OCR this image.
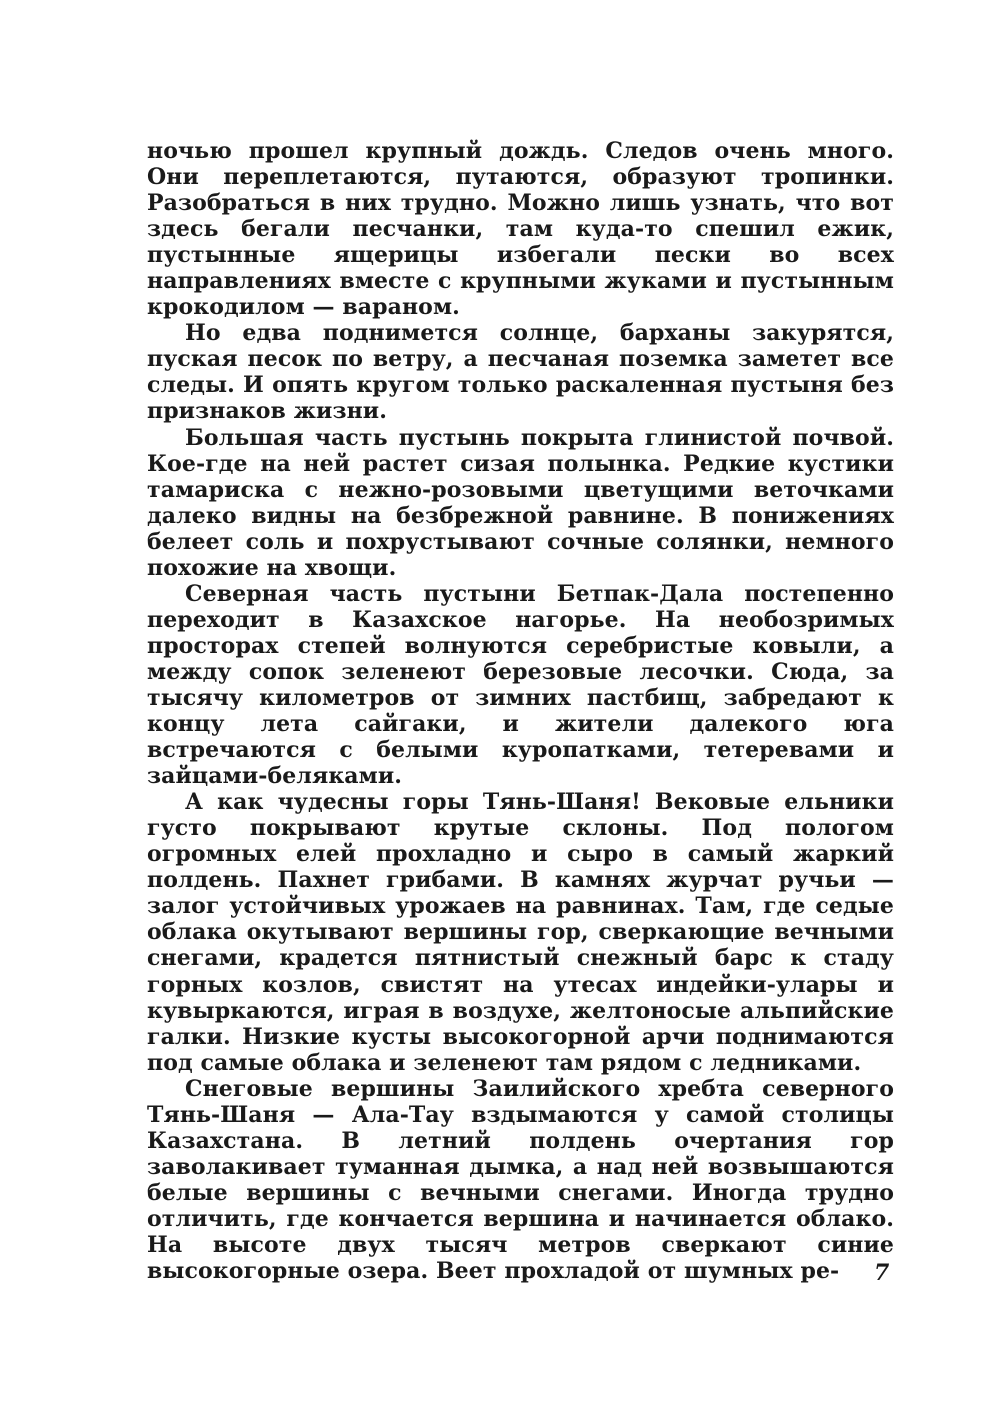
ночью прошел крупный дождь. Следов очень много. Они переплетаются, путаются, образуют тропинки. Разобраться в них трудно. Можно лишь узнать, что вот здесь бегали песчанки, там куда-то спешил ежик, пустынные ящерицы избегали пески во всех направлениях вместе с крупными жуками и пустынным крокодилом — вараном.

Но едва поднимется солнце, барханы закурятся, пуская песок по ветру, а песчаная поземка заметет все следы. И опять кругом только раскаленная пустыня без признаков жизни.

Большая часть пустынь покрыта глинистой почвой. Кое-где на ней растет сизая полынка. Редкие кустики тамариска с нежно-розовыми цветущими веточками далеко видны на безбрежной равнине. В понижениях белеет соль и похрустывают сочные солянки, немного похожие на хвощи.

Северная часть пустыни Бетпак-Дала постепенно переходит в Казахское нагорье. На необозримых просторах степей волнуются серебристые ковыли, а между сопок зеленеют березовые лесочки. Сюда, за тысячу километров от зимних пастбищ, забредают к концу лета сайгаки, и жители далекого юга встречаются с белыми куропатками, тетеревами и зайцами-беляками.

А как чудесны горы Тянь-Шаня! Вековые ельники густо покрывают крутые склоны. Под пологом огромных елей прохладно и сыро в самый жаркий полдень. Пахнет грибами. В камнях журчат ручьи — залог устойчивых урожаев на равнинах. Там, где седые облака окутывают вершины гор, сверкающие вечными снегами, крадется пятнистый снежный барс к стаду горных козлов, свистят на утесах индейки-улары и кувыркаются, играя в воздухе, желтоносые альпийские галки. Низкие кусты высокогорной арчи поднимаются под самые облака и зеленеют там рядом с ледниками.

Снеговые вершины Заилийского хребта северного Тянь-Шаня — Ала-Тау вздымаются у самой столицы Казахстана. В летний полдень очертания гор заволакивает туманная дымка, а над ней возвышаются белые вершины с вечными снегами. Иногда трудно отличить, где кончается вершина и начинается облако. На высоте двух тысяч метров сверкают синие высокогорные озера. Веет прохладой от шумных ре-	7
